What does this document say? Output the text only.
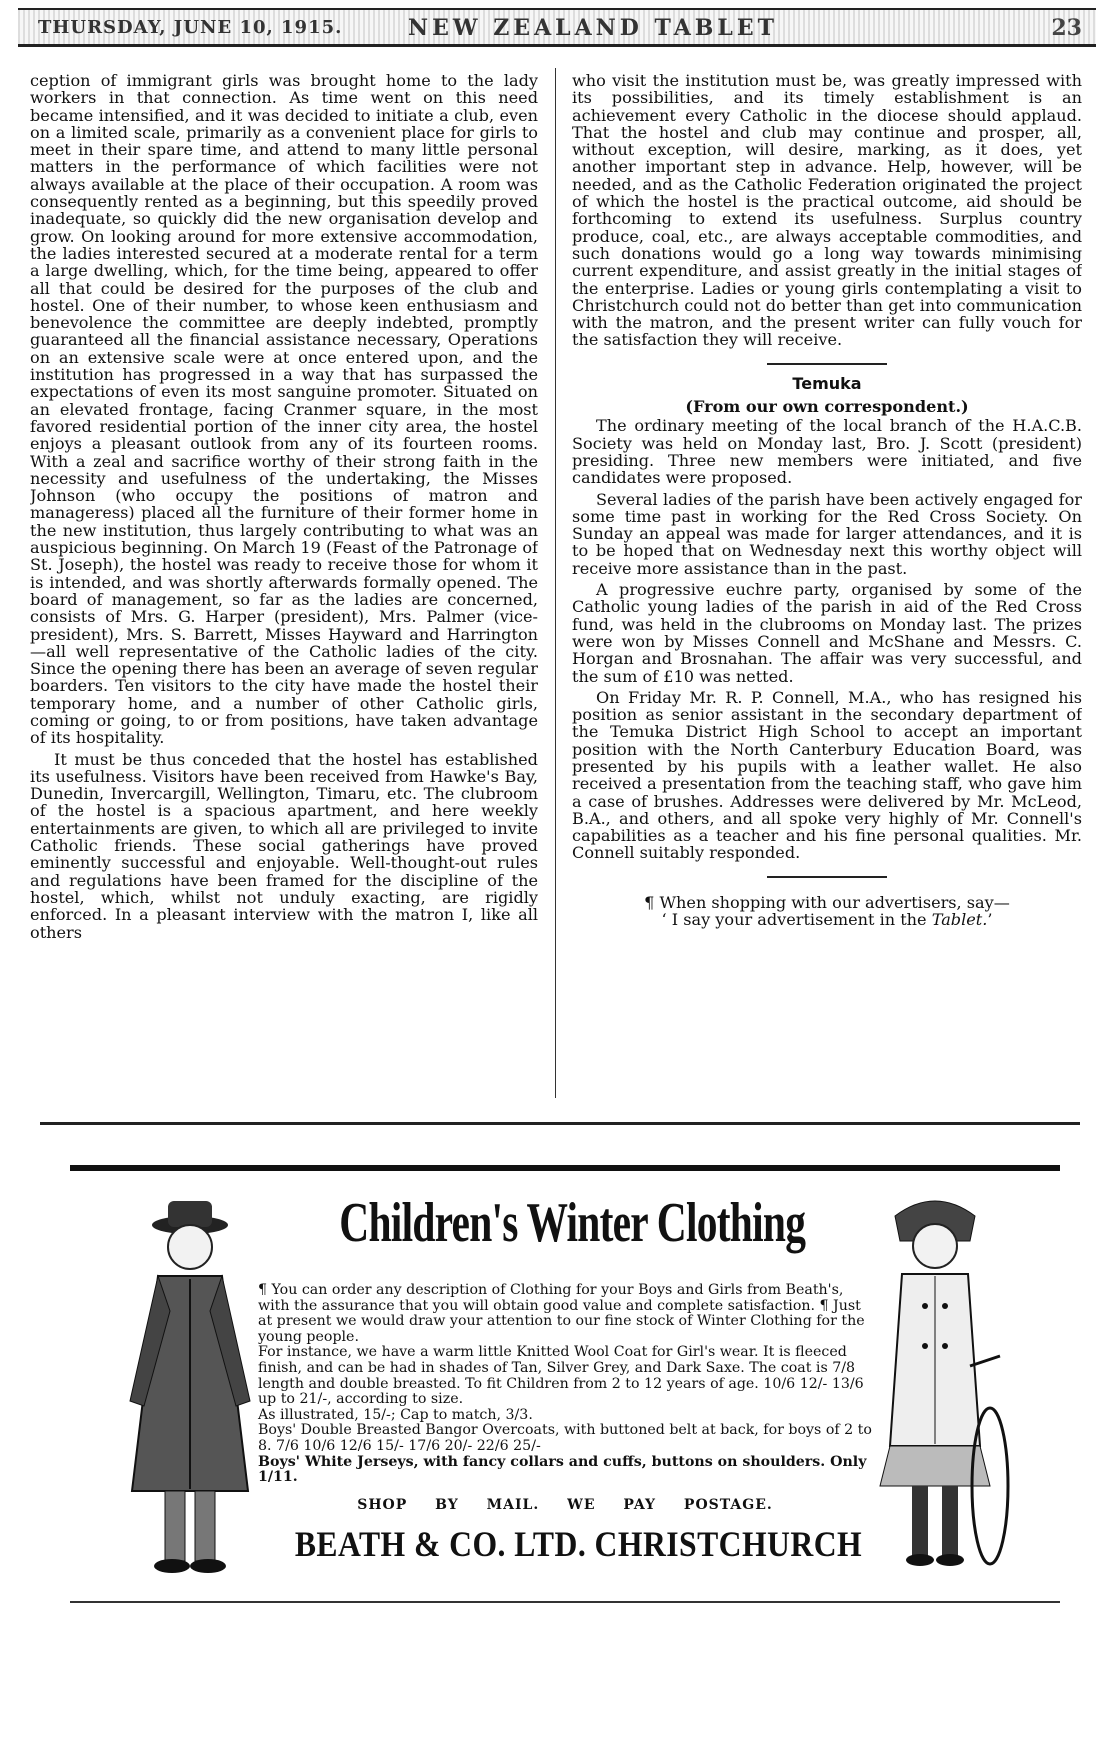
THURSDAY, JUNE 10, 1915.	NEW ZEALAND TABLET	23

ception of immigrant girls was brought home to the lady workers in that connection. As time went on this need became intensified, and it was decided to initiate a club, even on a limited scale, primarily as a convenient place for girls to meet in their spare time, and attend to many little personal matters in the performance of which facilities were not always available at the place of their occupation. A room was consequently rented as a beginning, but this speedily proved inadequate, so quickly did the new organisation develop and grow. On looking around for more extensive accommodation, the ladies interested secured at a moderate rental for a term a large dwelling, which, for the time being, appeared to offer all that could be desired for the purposes of the club and hostel. One of their number, to whose keen enthusiasm and benevolence the committee are deeply indebted, promptly guaranteed all the financial assistance necessary, Operations on an extensive scale were at once entered upon, and the institution has progressed in a way that has surpassed the expectations of even its most sanguine promoter. Situated on an elevated frontage, facing Cranmer square, in the most favored residential portion of the inner city area, the hostel enjoys a pleasant outlook from any of its fourteen rooms. With a zeal and sacrifice worthy of their strong faith in the necessity and usefulness of the undertaking, the Misses Johnson (who occupy the positions of matron and manageress) placed all the furniture of their former home in the new institution, thus largely contributing to what was an auspicious beginning. On March 19 (Feast of the Patronage of St. Joseph), the hostel was ready to receive those for whom it is intended, and was shortly afterwards formally opened. The board of management, so far as the ladies are concerned, consists of Mrs. G. Harper (president), Mrs. Palmer (vice-president), Mrs. S. Barrett, Misses Hayward and Harrington—all well representative of the Catholic ladies of the city. Since the opening there has been an average of seven regular boarders. Ten visitors to the city have made the hostel their temporary home, and a number of other Catholic girls, coming or going, to or from positions, have taken advantage of its hospitality.

It must be thus conceded that the hostel has established its usefulness. Visitors have been received from Hawke's Bay, Dunedin, Invercargill, Wellington, Timaru, etc. The clubroom of the hostel is a spacious apartment, and here weekly entertainments are given, to which all are privileged to invite Catholic friends. These social gatherings have proved eminently successful and enjoyable. Well-thought-out rules and regulations have been framed for the discipline of the hostel, which, whilst not unduly exacting, are rigidly enforced. In a pleasant interview with the matron I, like all others

who visit the institution must be, was greatly impressed with its possibilities, and its timely establishment is an achievement every Catholic in the diocese should applaud. That the hostel and club may continue and prosper, all, without exception, will desire, marking, as it does, yet another important step in advance. Help, however, will be needed, and as the Catholic Federation originated the project of which the hostel is the practical outcome, aid should be forthcoming to extend its usefulness. Surplus country produce, coal, etc., are always acceptable commodities, and such donations would go a long way towards minimising current expenditure, and assist greatly in the initial stages of the enterprise. Ladies or young girls contemplating a visit to Christchurch could not do better than get into communication with the matron, and the present writer can fully vouch for the satisfaction they will receive.

Temuka
(From our own correspondent.)

The ordinary meeting of the local branch of the H.A.C.B. Society was held on Monday last, Bro. J. Scott (president) presiding. Three new members were initiated, and five candidates were proposed.

Several ladies of the parish have been actively engaged for some time past in working for the Red Cross Society. On Sunday an appeal was made for larger attendances, and it is to be hoped that on Wednesday next this worthy object will receive more assistance than in the past.

A progressive euchre party, organised by some of the Catholic young ladies of the parish in aid of the Red Cross fund, was held in the clubrooms on Monday last. The prizes were won by Misses Connell and McShane and Messrs. C. Horgan and Brosnahan. The affair was very successful, and the sum of £10 was netted.

On Friday Mr. R. P. Connell, M.A., who has resigned his position as senior assistant in the secondary department of the Temuka District High School to accept an important position with the North Canterbury Education Board, was presented by his pupils with a leather wallet. He also received a presentation from the teaching staff, who gave him a case of brushes. Addresses were delivered by Mr. McLeod, B.A., and others, and all spoke very highly of Mr. Connell's capabilities as a teacher and his fine personal qualities. Mr. Connell suitably responded.

¶ When shopping with our advertisers, say—
‘ I say your advertisement in the Tablet.’
Children's Winter Clothing

¶ You can order any description of Clothing for your Boys and Girls from Beath's, with the assurance that you will obtain good value and complete satisfaction. ¶ Just at present we would draw your attention to our fine stock of Winter Clothing for the young people.

For instance, we have a warm little Knitted Wool Coat for Girl's wear. It is fleeced finish, and can be had in shades of Tan, Silver Grey, and Dark Saxe. The coat is 7/8 length and double breasted. To fit Children from 2 to 12 years of age. 10/6 12/- 13/6 up to 21/-, according to size.

As illustrated, 15/-; Cap to match, 3/3.

Boys' Double Breasted Bangor Overcoats, with buttoned belt at back, for boys of 2 to 8. 7/6 10/6 12/6 15/- 17/6 20/- 22/6 25/-

Boys' White Jerseys, with fancy collars and cuffs, buttons on shoulders. Only 1/11.

SHOP BY MAIL. WE PAY POSTAGE.
BEATH & CO. LTD. CHRISTCHURCH
